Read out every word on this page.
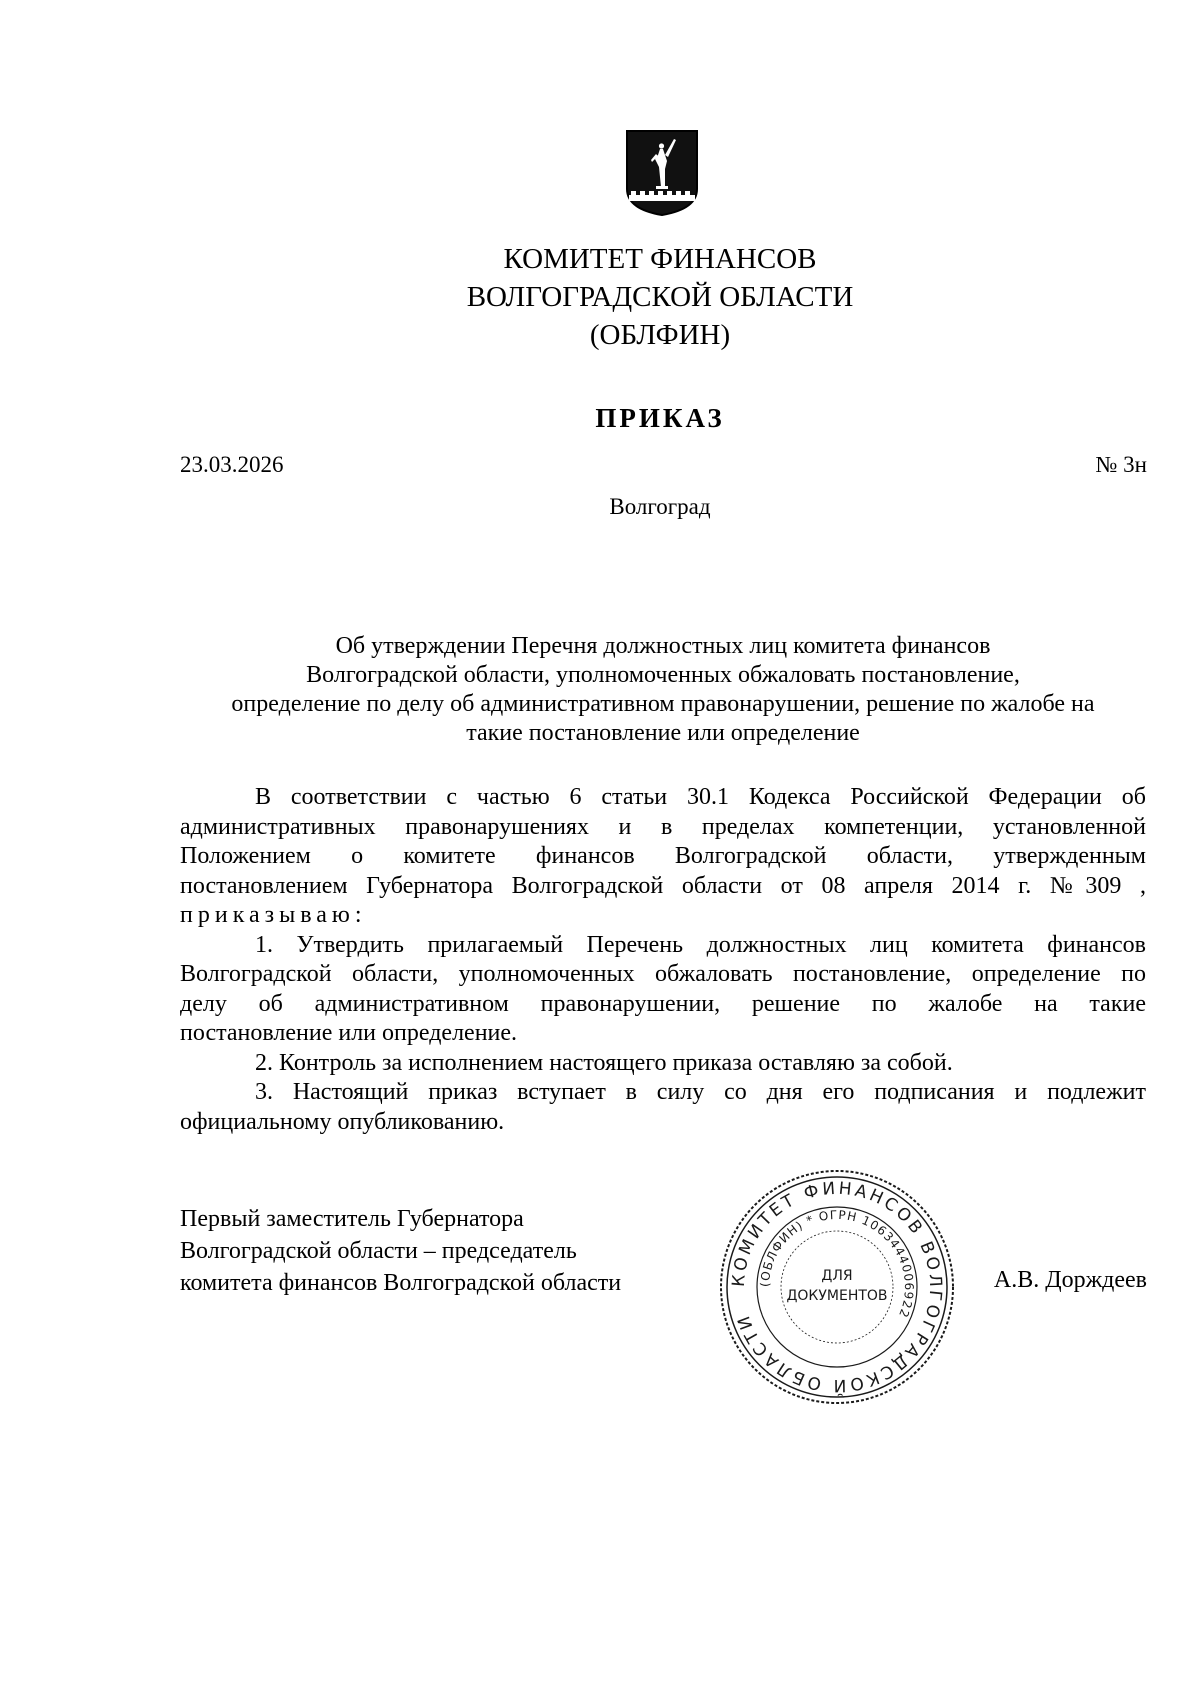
КОМИТЕТ ФИНАНСОВ
ВОЛГОГРАДСКОЙ ОБЛАСТИ
(ОБЛФИН)
ПРИКАЗ
23.03.2026	№ 3н
Волгоград
Об утверждении Перечня должностных лиц комитета финансов
Волгоградской области, уполномоченных обжаловать постановление,
определение по делу об административном правонарушении, решение по жалобе на
такие постановление или определение
В соответствии с частью 6 статьи 30.1 Кодекса Российской Федерации об
административных правонарушениях и в пределах компетенции, установленной
Положением о комитете финансов Волгоградской области, утвержденным
постановлением Губернатора Волгоградской области от 08 апреля 2014 г. №309 ,
приказываю:
1. Утвердить прилагаемый Перечень должностных лиц комитета финансов
Волгоградской области, уполномоченных обжаловать постановление, определение по
делу об административном правонарушении, решение по жалобе на такие
постановление или определение.
2. Контроль за исполнением настоящего приказа оставляю за собой.
3. Настоящий приказ вступает в силу со дня его подписания и подлежит
официальному опубликованию.
Первый заместитель Губернатора
Волгоградской области – председатель
комитета финансов Волгоградской области	А.В. Дорждеев
КОМИТЕТ ФИНАНСОВ ВОЛГОГРАДСКОЙ ОБЛАСТИ
(ОБЛФИН) * ОГРН 1063444006922
ДЛЯ
ДОКУМЕНТОВ
